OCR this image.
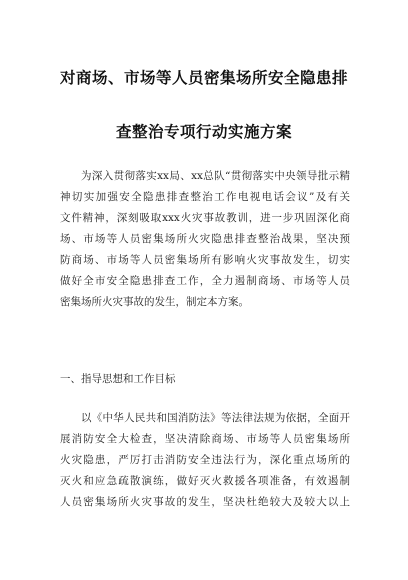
对商场、市场等人员密集场所安全隐患排
查整治专项行动实施方案
为深入贯彻落实xx局、xx总队“贯彻落实中央领导批示精
神切实加强安全隐患排查整治工作电视电话会议”及有关
文件精神，深刻吸取xxx火灾事故教训，进一步巩固深化商
场、市场等人员密集场所火灾隐患排查整治战果，坚决预
防商场、市场等人员密集场所有影响火灾事故发生，切实
做好全市安全隐患排查工作，全力遏制商场、市场等人员
密集场所火灾事故的发生，制定本方案。
一、指导思想和工作目标
以《中华人民共和国消防法》等法律法规为依据，全面开
展消防安全大检查，坚决清除商场、市场等人员密集场所
火灾隐患，严厉打击消防安全违法行为，深化重点场所的
灭火和应急疏散演练，做好灭火救援各项准备，有效遏制
人员密集场所火灾事故的发生，坚决杜绝较大及较大以上
